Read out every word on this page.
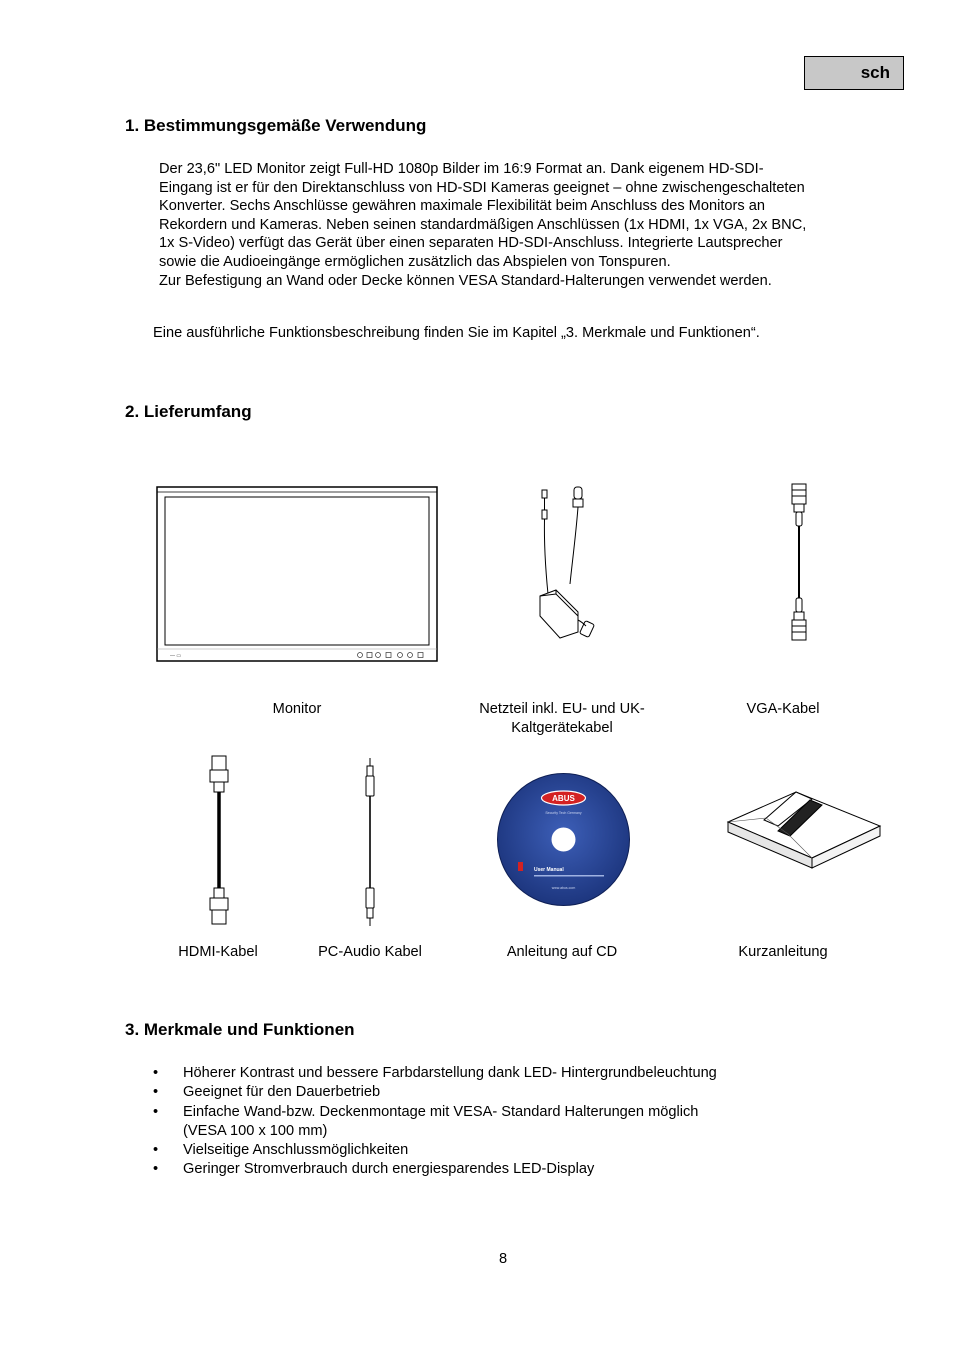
sch
1. Bestimmungsgemäße Verwendung

Der 23,6" LED Monitor zeigt Full-HD 1080p Bilder im 16:9 Format an. Dank eigenem HD-SDI-

Eingang ist er für den Direktanschluss von HD-SDI Kameras geeignet – ohne zwischengeschalteten

Konverter. Sechs Anschlüsse gewähren maximale Flexibilität beim Anschluss des Monitors an

Rekordern und Kameras. Neben seinen standardmäßigen Anschlüssen (1x HDMI, 1x VGA, 2x BNC,

1x S-Video) verfügt das Gerät über einen separaten HD-SDI-Anschluss. Integrierte Lautsprecher

sowie die Audioeingänge ermöglichen zusätzlich das Abspielen von Tonspuren.

Zur Befestigung an Wand oder Decke können VESA Standard-Halterungen verwendet werden.

Eine ausführliche Funktionsbeschreibung finden Sie im Kapitel „3. Merkmale und Funktionen“.

2. Lieferumfang
— ▭
Monitor	Netzteil inkl. EU- und UK-
Kaltgerätekabel
VGA-Kabel
HDMI-Kabel	PC-Audio Kabel
ABUS
Security Tech Germany
User Manual
www.abus.com
Anleitung auf CD	Kurzanleitung
3. Merkmale und Funktionen
• Höherer Kontrast und bessere Farbdarstellung dank LED- Hintergrundbeleuchtung
• Geeignet für den Dauerbetrieb
• Einfache Wand-bzw. Deckenmontage mit VESA- Standard Halterungen möglich
(VESA 100 x 100 mm)
• Vielseitige Anschlussmöglichkeiten
• Geringer Stromverbrauch durch energiesparendes LED-Display
8
